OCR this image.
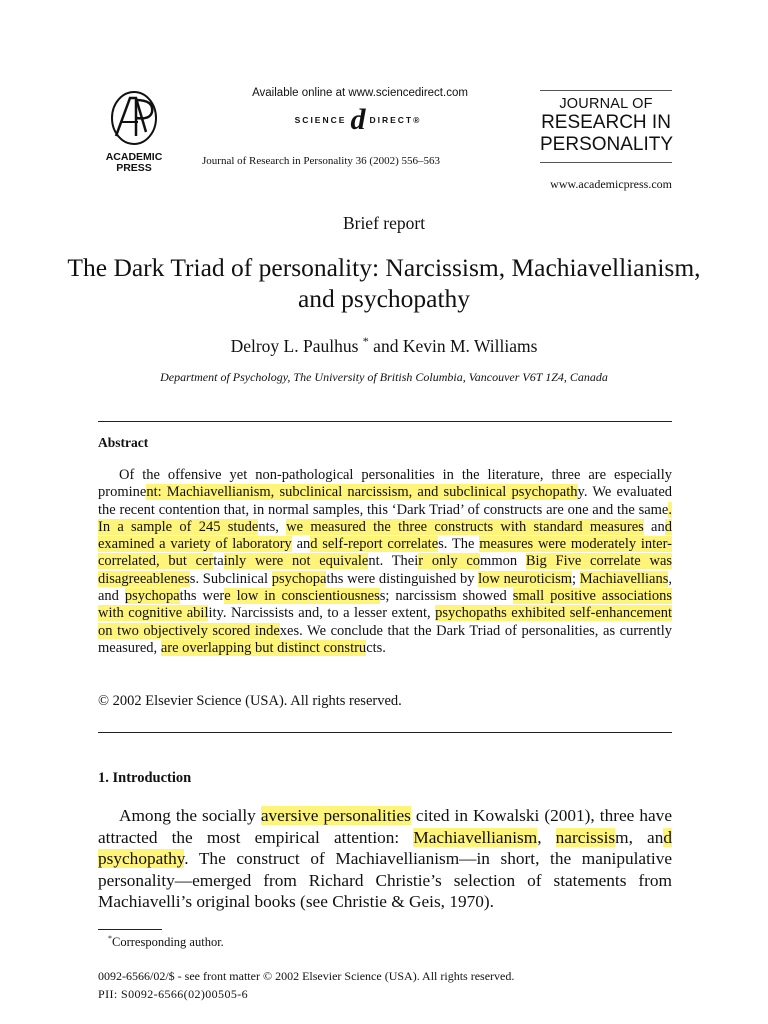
ACADEMIC
PRESS
Available online at www.sciencedirect.com
SCIENCE d DIRECT®
Journal of Research in Personality 36 (2002) 556–563
JOURNAL OF
RESEARCH IN
PERSONALITY
www.academicpress.com
Brief report
The Dark Triad of personality: Narcissism, Machiavellianism, and psychopathy
Delroy L. Paulhus * and Kevin M. Williams
Department of Psychology, The University of British Columbia, Vancouver V6T 1Z4, Canada
Abstract
Of the offensive yet non-pathological personalities in the literature, three are especially prominent: Machiavellianism, subclinical narcissism, and subclinical psychopathy. We evaluated the recent contention that, in normal samples, this ‘Dark Triad’ of constructs are one and the same. In a sample of 245 students, we measured the three constructs with standard measures and examined a variety of laboratory and self-report correlates. The measures were moderately inter-correlated, but certainly were not equivalent. Their only common Big Five correlate was disagreeableness. Subclinical psychopaths were distinguished by low neuroticism; Machiavellians, and psychopaths were low in conscientiousness; narcissism showed small positive associations with cognitive ability. Narcissists and, to a lesser extent, psychopaths exhibited self-enhancement on two objectively scored indexes. We conclude that the Dark Triad of personalities, as currently measured, are overlapping but distinct constructs.
© 2002 Elsevier Science (USA). All rights reserved.
1. Introduction
Among the socially aversive personalities cited in Kowalski (2001), three have attracted the most empirical attention: Machiavellianism, narcissism, and psychopathy. The construct of Machiavellianism—in short, the manipulative personality—emerged from Richard Christie’s selection of statements from Machiavelli’s original books (see Christie & Geis, 1970).
*Corresponding author.
0092-6566/02/$ - see front matter © 2002 Elsevier Science (USA). All rights reserved.
PII: S0092-6566(02)00505-6
